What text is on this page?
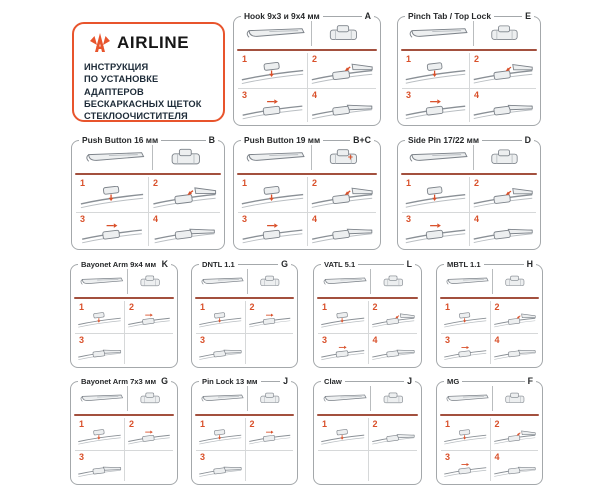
AIRLINE
ИНСТРУКЦИЯ
ПО УСТАНОВКЕ АДАПТЕРОВ
БЕСКАРКАСНЫХ ЩЕТОК
СТЕКЛООЧИСТИТЕЛЯ
Hook 9x3 и 9x4 мм	A
1	2
3	4
Pinch Tab / Top Lock	E
1	2
3	4
Push Button 16 мм	B
1	2
3	4
Push Button 19 мм	B+C
+
1	2
3	4
Side Pin 17/22 мм	D
1	2
3	4
Bayonet Arm 9x4 мм K
1	2
3
DNTL 1.1	G
1	2
3
VATL 5.1	L
1	2
3	4
MBTL 1.1	H
1	2
3	4
Bayonet Arm 7x3 мм G
1	2
3
Pin Lock 13 мм	J
1	2
3
Claw	J
1	2
MG	F
1	2
3	4
